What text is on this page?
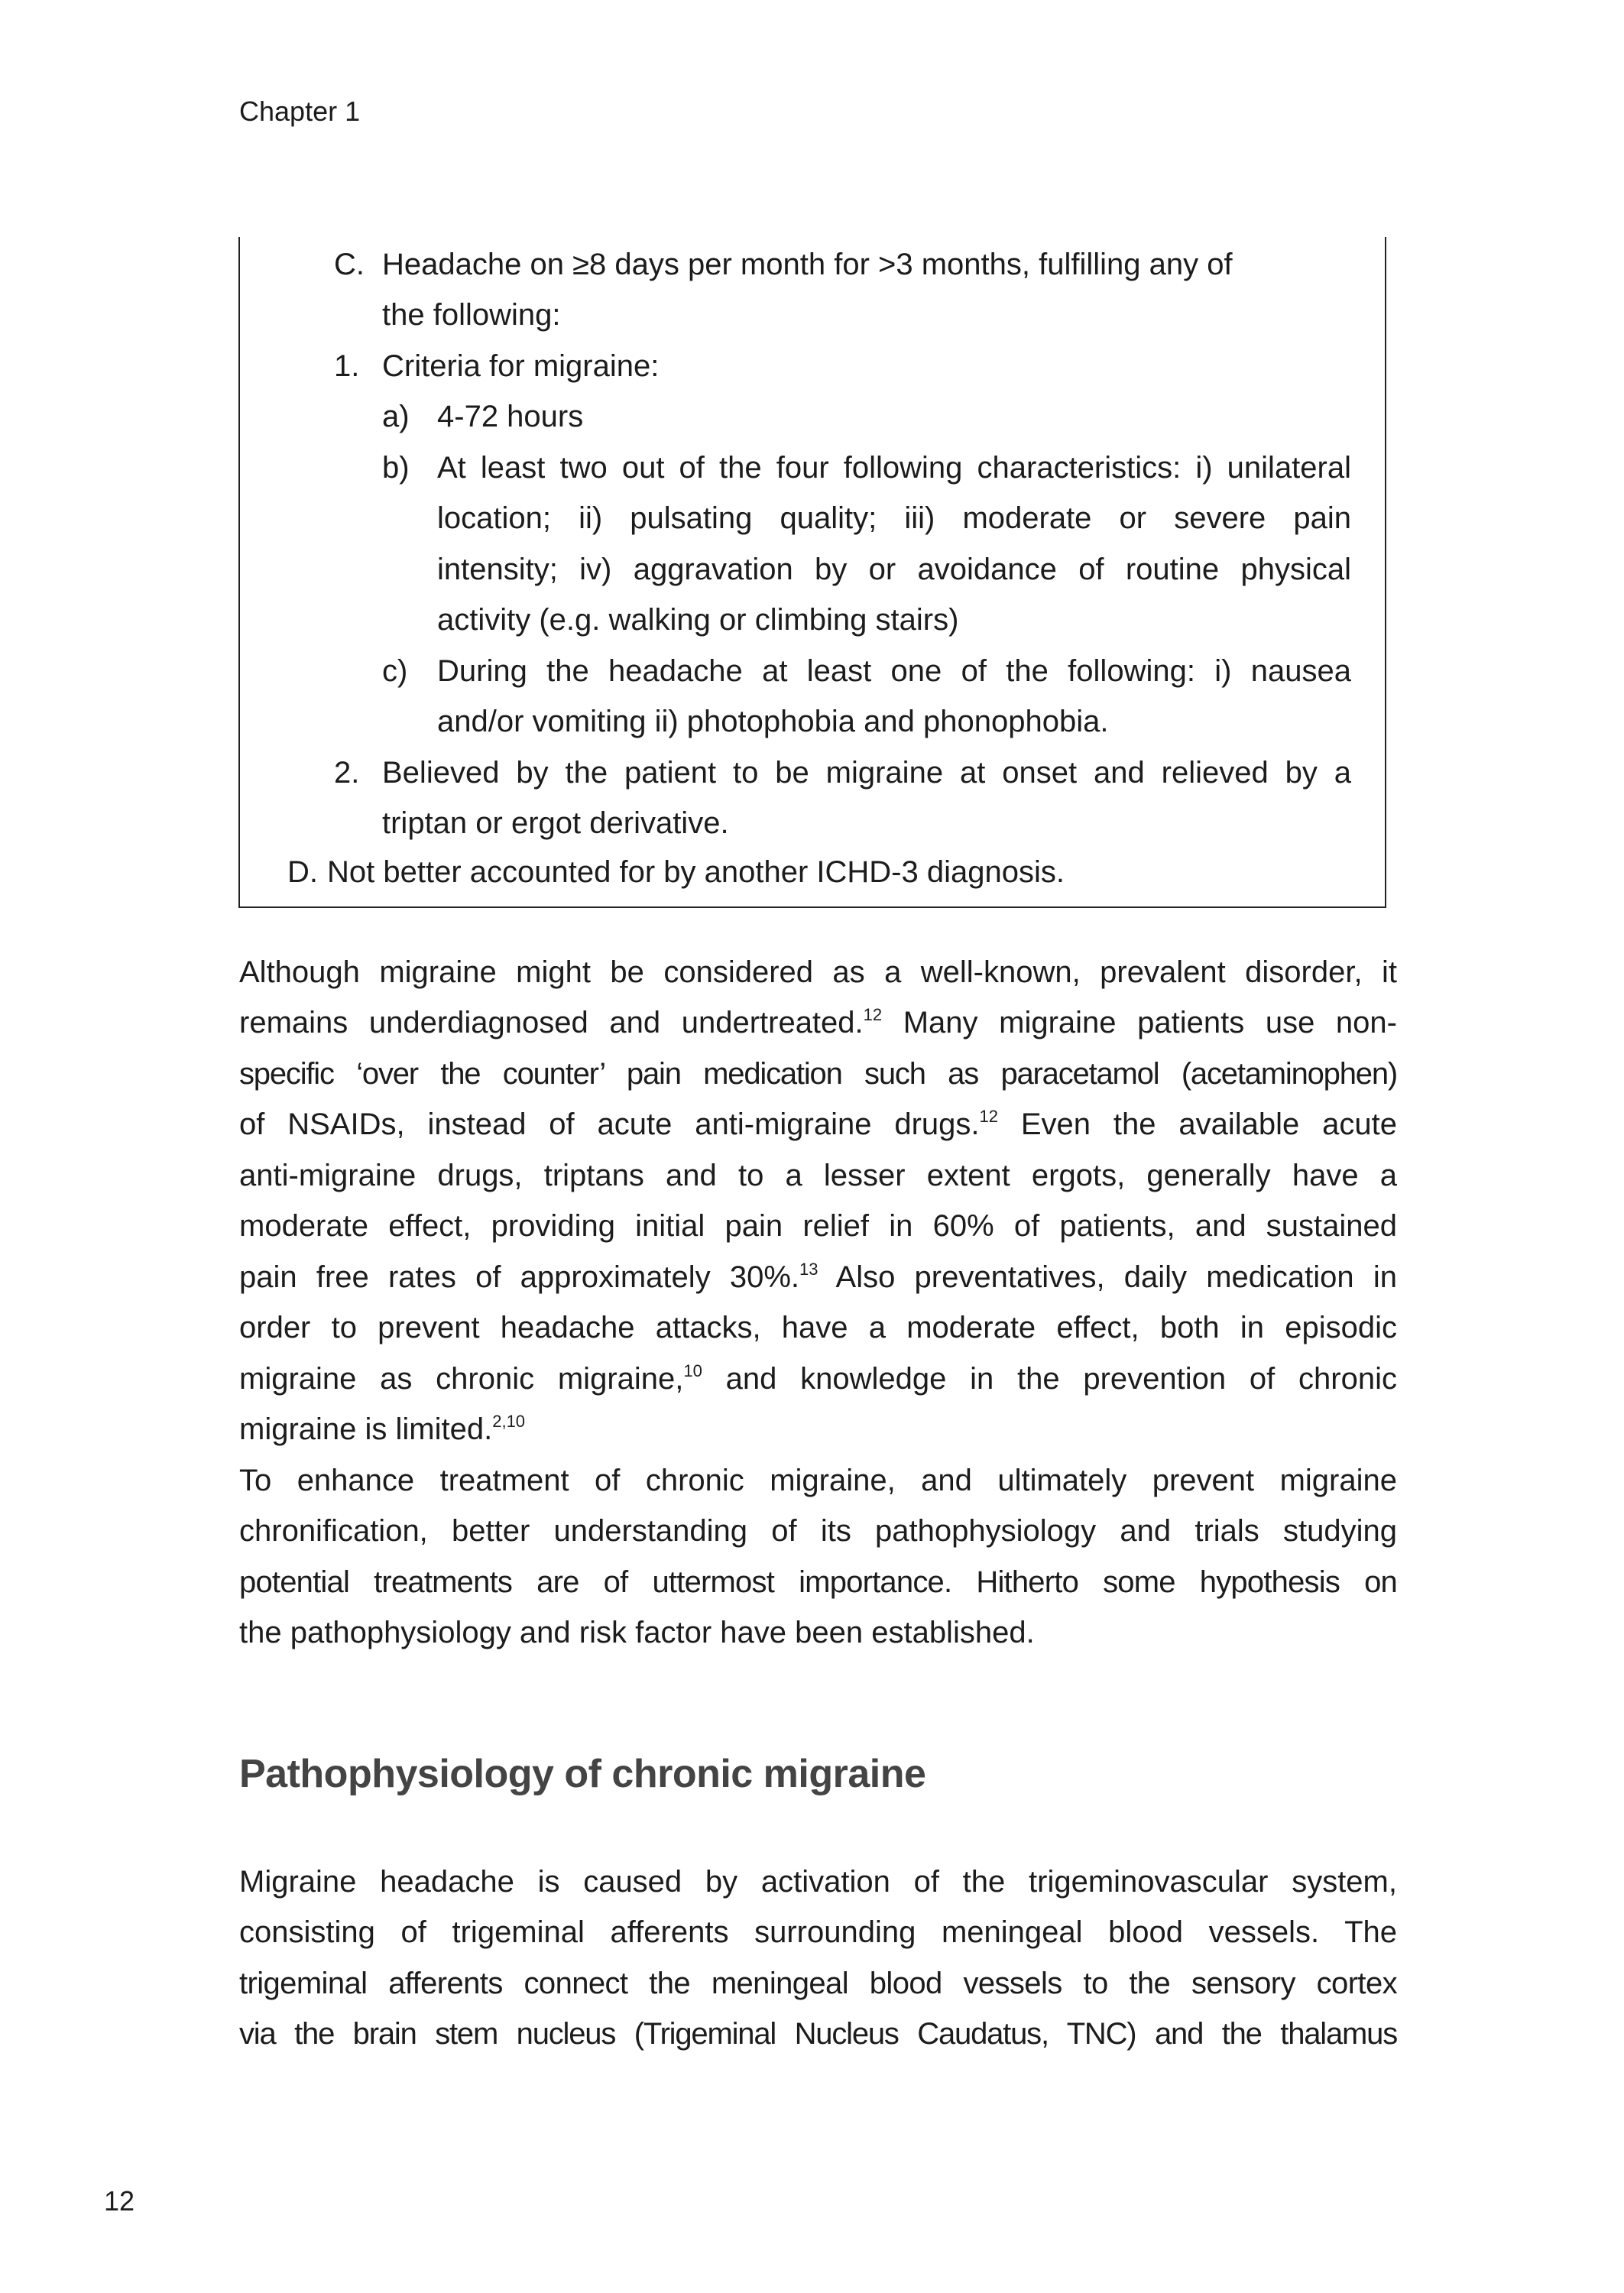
Chapter 1
C. Headache on ≥8 days per month for >3 months, fulfilling any of
the following:
1. Criteria for migraine:
a) 4-72 hours
b) At least two out of the four following characteristics: i) unilateral
location; ii) pulsating quality; iii) moderate or severe pain
intensity; iv) aggravation by or avoidance of routine physical
activity (e.g. walking or climbing stairs)
c) During the headache at least one of the following: i) nausea
and/or vomiting ii) photophobia and phonophobia.
2. Believed by the patient to be migraine at onset and relieved by a
triptan or ergot derivative.
D. Not better accounted for by another ICHD-3 diagnosis.
Although migraine might be considered as a well-known, prevalent disorder, it
remains underdiagnosed and undertreated.$^{12}$ Many migraine patients use non-
specific ‘over the counter’ pain medication such as paracetamol (acetaminophen)
of NSAIDs, instead of acute anti-migraine drugs.$^{12}$ Even the available acute
anti-migraine drugs, triptans and to a lesser extent ergots, generally have a
moderate effect, providing initial pain relief in 60% of patients, and sustained
pain free rates of approximately 30%.$^{13}$ Also preventatives, daily medication in
order to prevent headache attacks, have a moderate effect, both in episodic
migraine as chronic migraine,$^{10}$ and knowledge in the prevention of chronic
migraine is limited.$^{2,10}$
To enhance treatment of chronic migraine, and ultimately prevent migraine
chronification, better understanding of its pathophysiology and trials studying
potential treatments are of uttermost importance. Hitherto some hypothesis on
the pathophysiology and risk factor have been established.
Pathophysiology of chronic migraine
Migraine headache is caused by activation of the trigeminovascular system,
consisting of trigeminal afferents surrounding meningeal blood vessels. The
trigeminal afferents connect the meningeal blood vessels to the sensory cortex
via the brain stem nucleus (Trigeminal Nucleus Caudatus, TNC) and the thalamus
12
